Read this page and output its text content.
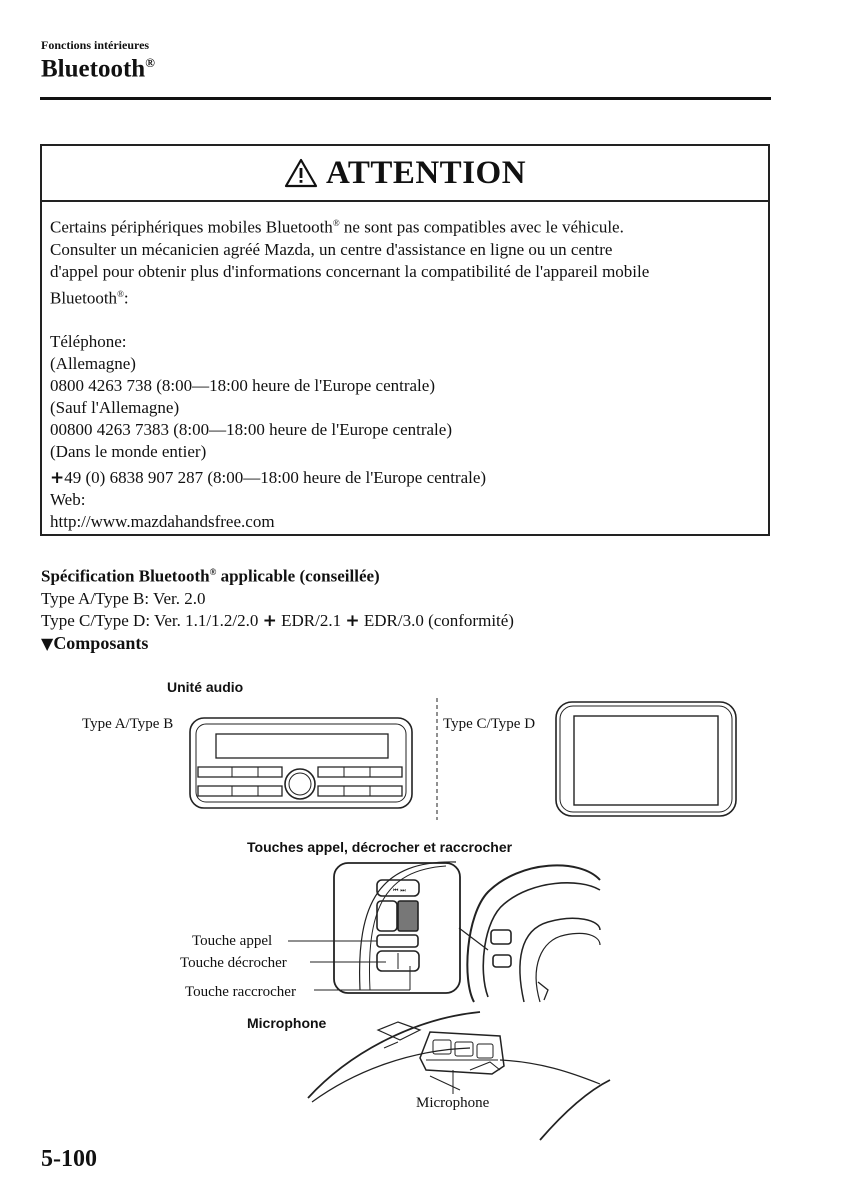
Fonctions intérieures
Bluetooth®
ATTENTION

Certains périphériques mobiles Bluetooth® ne sont pas compatibles avec le véhicule.

Consulter un mécanicien agréé Mazda, un centre d'assistance en ligne ou un centre

d'appel pour obtenir plus d'informations concernant la compatibilité de l'appareil mobile

Bluetooth®:

Téléphone:

(Allemagne)

0800 4263 738 (8:00—18:00 heure de l'Europe centrale)

(Sauf l'Allemagne)

00800 4263 7383 (8:00—18:00 heure de l'Europe centrale)

(Dans le monde entier)

+49 (0) 6838 907 287 (8:00—18:00 heure de l'Europe centrale)

Web:

http://www.mazdahandsfree.com

Spécification Bluetooth® applicable (conseillée)

Type A/Type B: Ver. 2.0

Type C/Type D: Ver. 1.1/1.2/2.0 + EDR/2.1 + EDR/3.0 (conformité)

▼Composants
Unité audio
Type A/Type B	Type C/Type D
Touches appel, décrocher et raccrocher
Touche appel
Touche décrocher
Touche raccrocher
Microphone
Microphone
⏮ ⏭
5-100
